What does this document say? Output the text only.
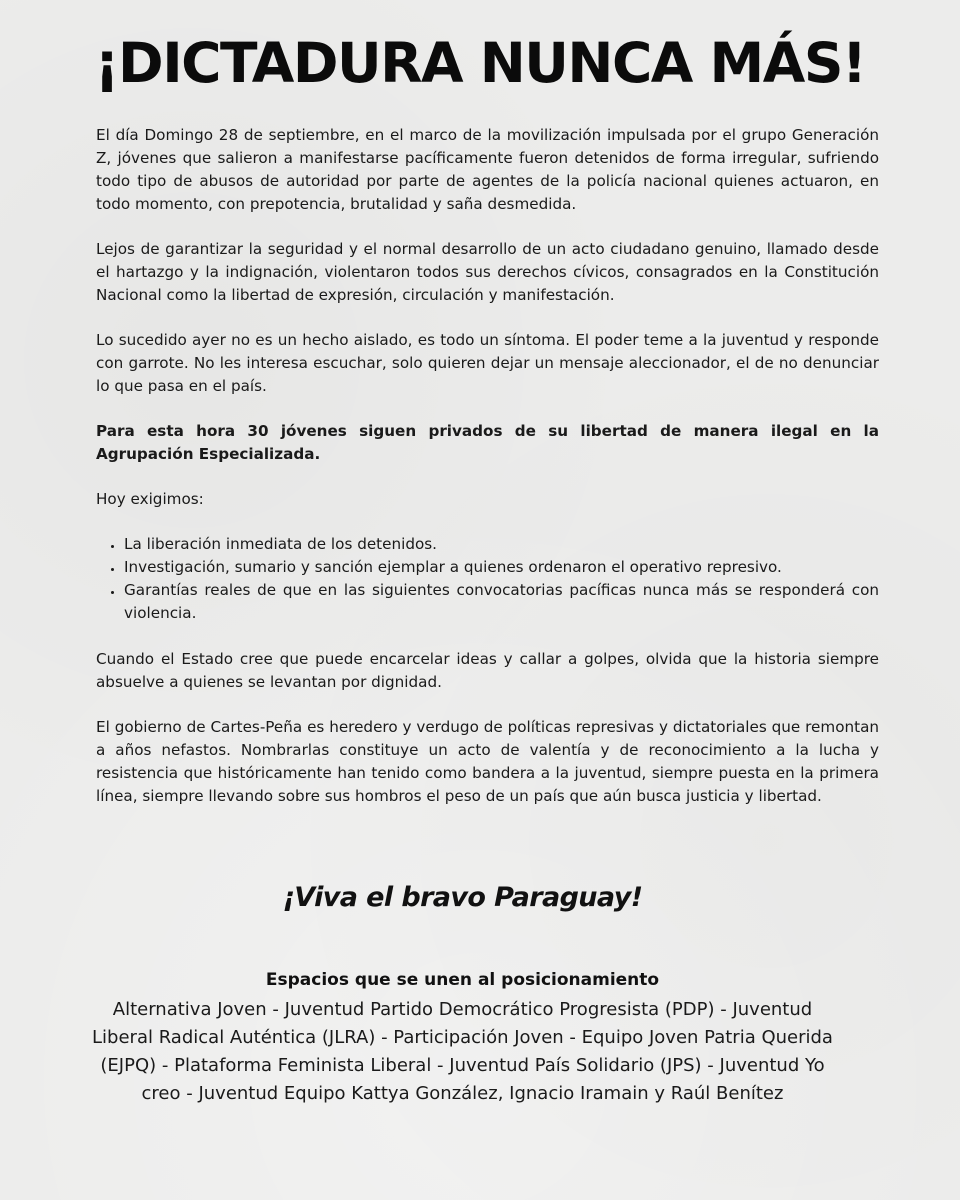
¡DICTADURA NUNCA MÁS!

El día Domingo 28 de septiembre, en el marco de la movilización impulsada por el grupo Generación Z, jóvenes que salieron a manifestarse pacíficamente fueron detenidos de forma irregular, sufriendo todo tipo de abusos de autoridad por parte de agentes de la policía nacional quienes actuaron, en todo momento, con prepotencia, brutalidad y saña desmedida.

Lejos de garantizar la seguridad y el normal desarrollo de un acto ciudadano genuino, llamado desde el hartazgo y la indignación, violentaron todos sus derechos cívicos, consagrados en la Constitución Nacional como la libertad de expresión, circulación y manifestación.

Lo sucedido ayer no es un hecho aislado, es todo un síntoma. El poder teme a la juventud y responde con garrote. No les interesa escuchar, solo quieren dejar un mensaje aleccionador, el de no denunciar lo que pasa en el país.

Para esta hora 30 jóvenes siguen privados de su libertad de manera ilegal en la Agrupación Especializada.

Hoy exigimos:

• La liberación inmediata de los detenidos.
• Investigación, sumario y sanción ejemplar a quienes ordenaron el operativo represivo.
• Garantías reales de que en las siguientes convocatorias pacíficas nunca más se responderá con violencia.

Cuando el Estado cree que puede encarcelar ideas y callar a golpes, olvida que la historia siempre absuelve a quienes se levantan por dignidad.

El gobierno de Cartes-Peña es heredero y verdugo de políticas represivas y dictatoriales que remontan a años nefastos. Nombrarlas constituye un acto de valentía y de reconocimiento a la lucha y resistencia que históricamente han tenido como bandera a la juventud, siempre puesta en la primera línea, siempre llevando sobre sus hombros el peso de un país que aún busca justicia y libertad.

¡Viva el bravo Paraguay!
Espacios que se unen al posicionamiento

Alternativa Joven - Juventud Partido Democrático Progresista (PDP) - Juventud Liberal Radical Auténtica (JLRA) - Participación Joven - Equipo Joven Patria Querida (EJPQ) - Plataforma Feminista Liberal - Juventud País Solidario (JPS) - Juventud Yo creo - Juventud Equipo Kattya González, Ignacio Iramain y Raúl Benítez
